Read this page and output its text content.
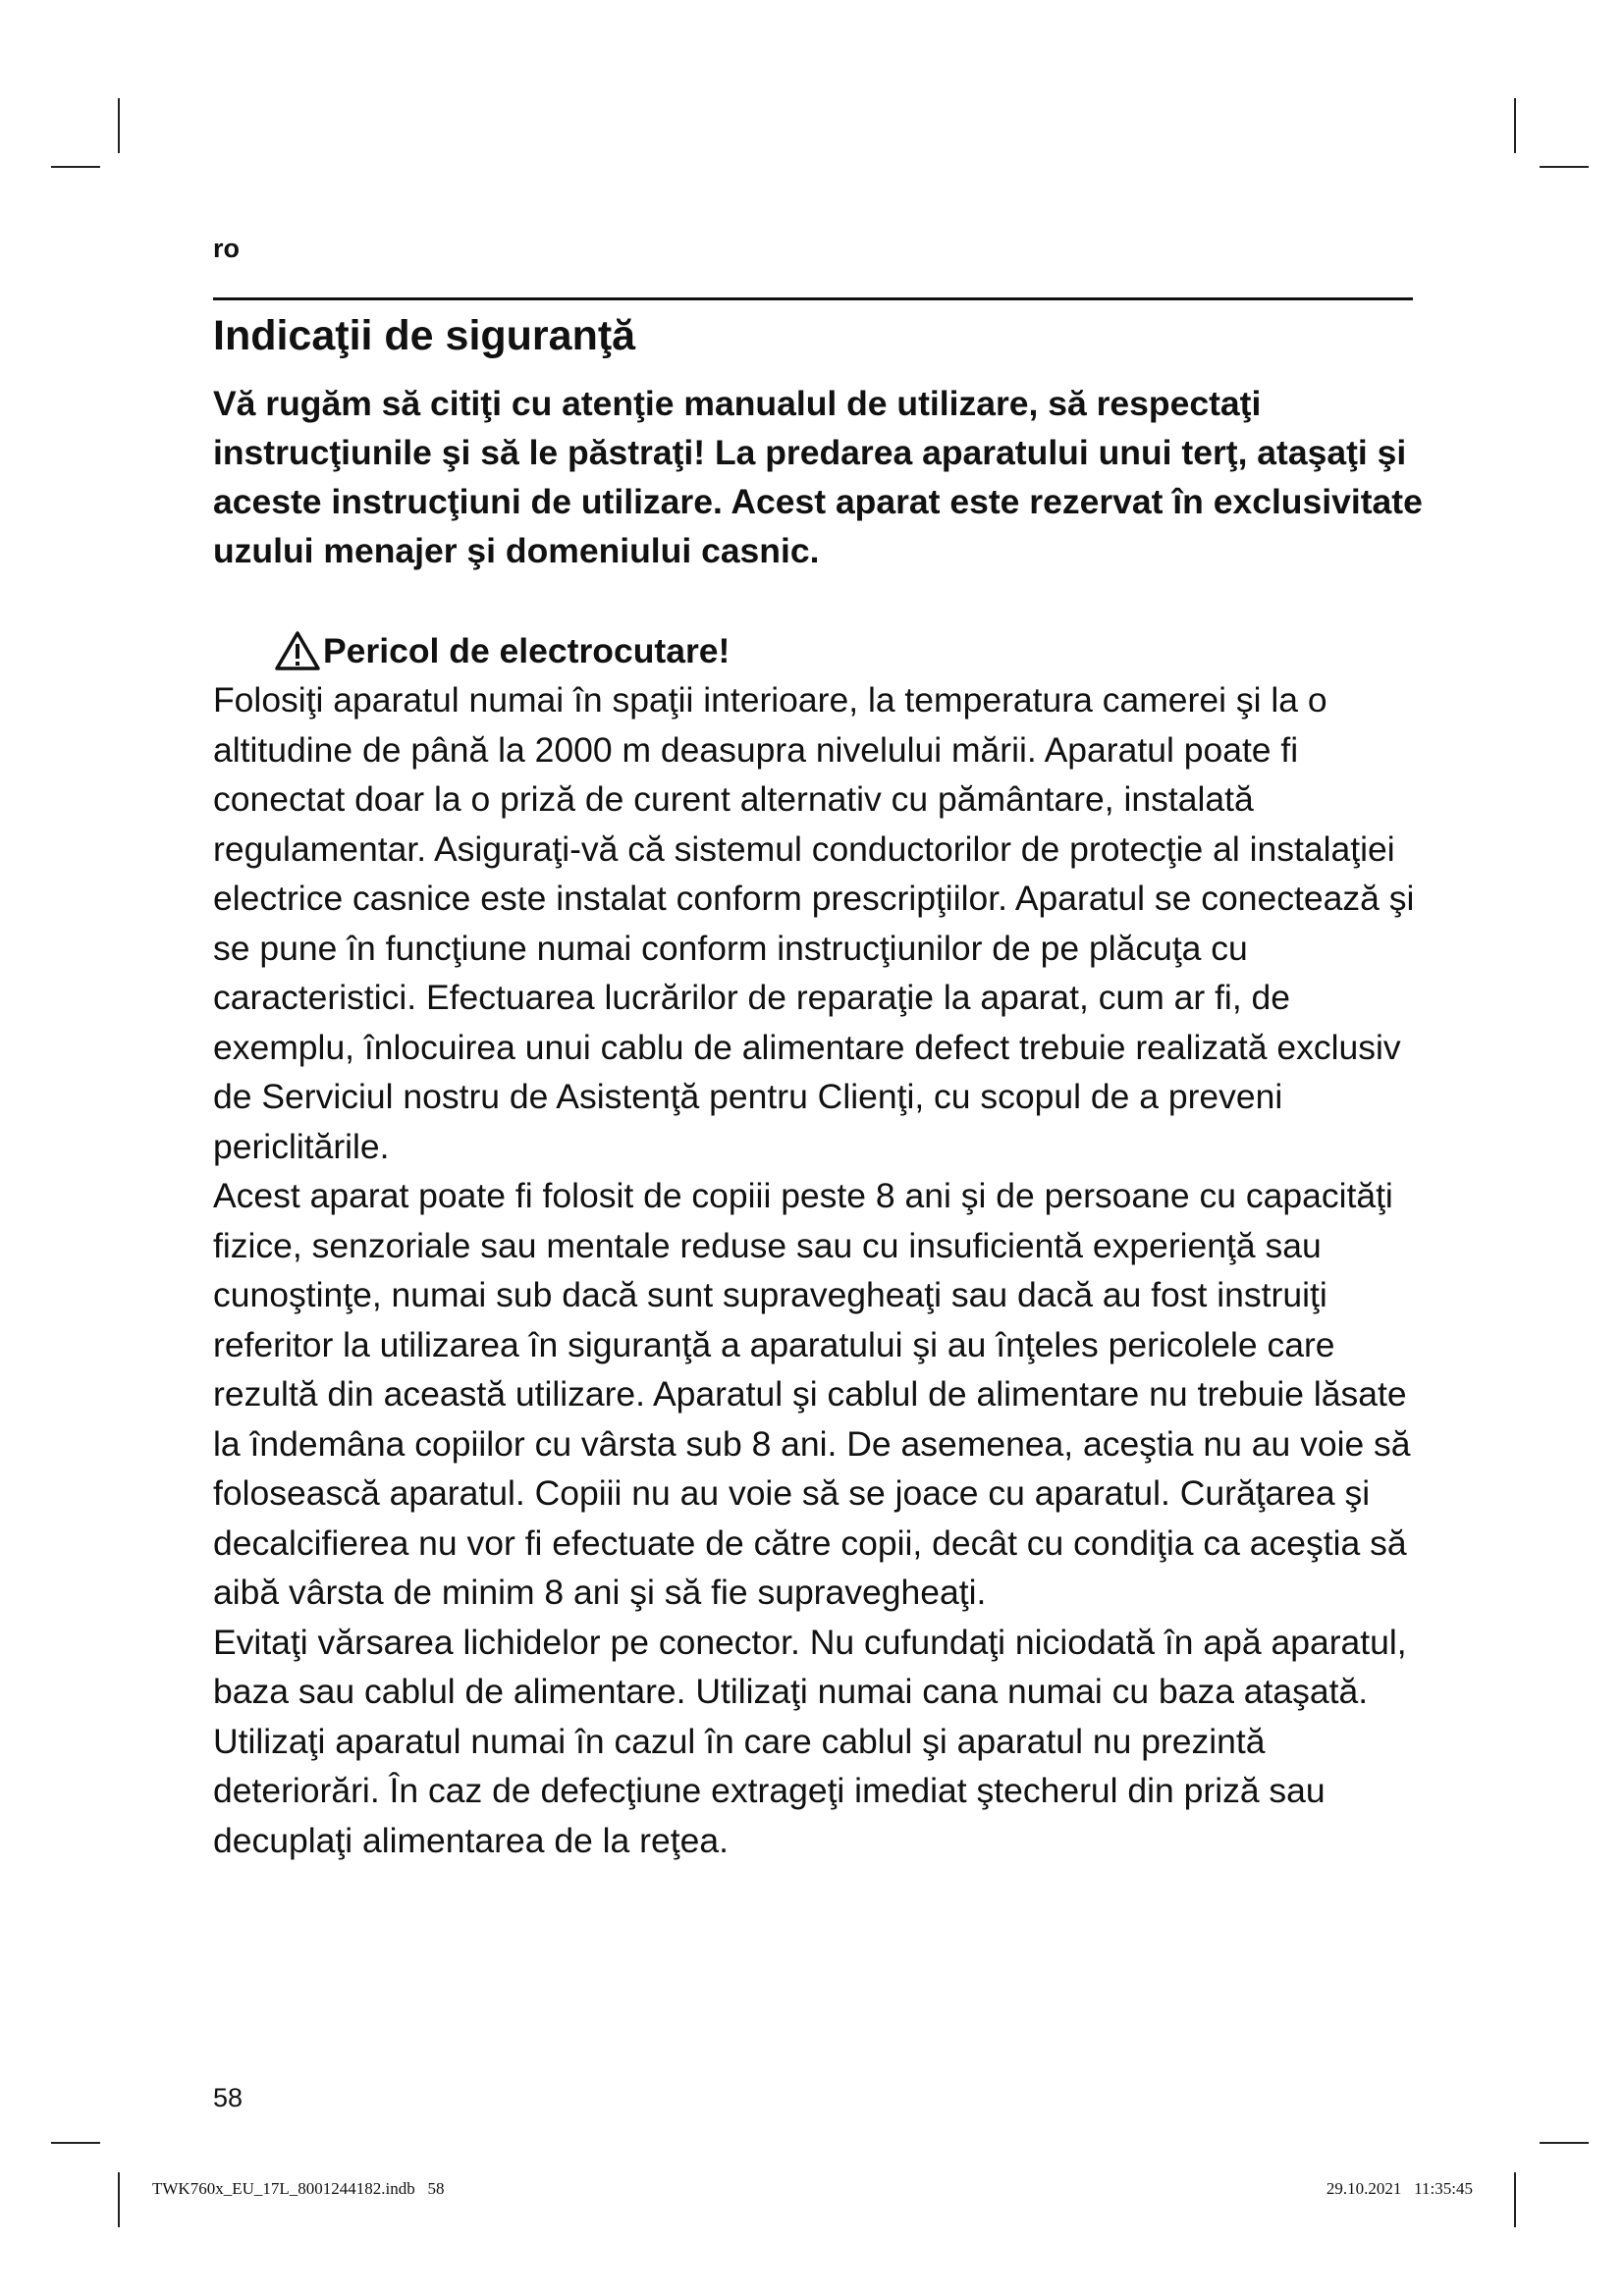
ro
Indicaţii de siguranţă

Vă rugăm să citiţi cu atenţie manualul de utilizare, să respectaţi instrucţiunile şi să le păstraţi! La predarea aparatului unui terţ, ataşaţi şi aceste instrucţiuni de utilizare. Acest aparat este rezervat în exclusivitate uzului menajer şi domeniului casnic.

Pericol de electrocutare!

Folosiţi aparatul numai în spaţii interioare, la temperatura camerei şi la o altitudine de până la 2000 m deasupra nivelului mării. Aparatul poate fi conectat doar la o priză de curent alternativ cu pământare, instalată regulamentar. Asiguraţi-vă că sistemul conductorilor de protecţie al instalaţiei electrice casnice este instalat conform prescripţiilor. Aparatul se conectează şi se pune în funcţiune numai conform instrucţiunilor de pe plăcuţa cu caracteristici. Efectuarea lucrărilor de reparaţie la aparat, cum ar fi, de exemplu, înlocuirea unui cablu de alimentare defect trebuie realizată exclusiv de Serviciul nostru de Asistenţă pentru Clienţi, cu scopul de a preveni periclitările.

Acest aparat poate fi folosit de copiii peste 8 ani şi de persoane cu capacităţi fizice, senzoriale sau mentale reduse sau cu insuficientă experienţă sau cunoştinţe, numai sub dacă sunt supravegheaţi sau dacă au fost instruiţi referitor la utilizarea în siguranţă a aparatului şi au înţeles pericolele care rezultă din această utilizare. Aparatul şi cablul de alimentare nu trebuie lăsate la îndemâna copiilor cu vârsta sub 8 ani. De asemenea, aceştia nu au voie să folosească aparatul. Copiii nu au voie să se joace cu aparatul. Curăţarea şi decalcifierea nu vor fi efectuate de către copii, decât cu condiţia ca aceştia să aibă vârsta de minim 8 ani şi să fie supravegheaţi.

Evitaţi vărsarea lichidelor pe conector. Nu cufundaţi niciodată în apă aparatul, baza sau cablul de alimentare. Utilizaţi numai cana numai cu baza ataşată.

Utilizaţi aparatul numai în cazul în care cablul şi aparatul nu prezintă deteriorări. În caz de defecţiune extrageţi imediat ştecherul din priză sau decuplaţi alimentarea de la reţea.

58
TWK760x_EU_17L_8001244182.indb   58	29.10.2021   11:35:45
